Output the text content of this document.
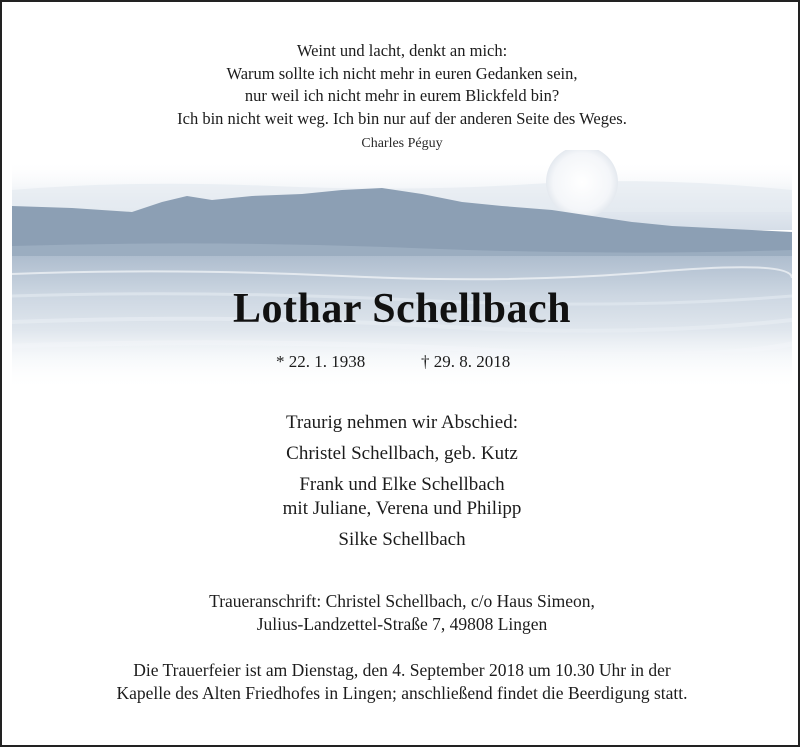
Weint und lacht, denkt an mich:
Warum sollte ich nicht mehr in euren Gedanken sein,
nur weil ich nicht mehr in eurem Blickfeld bin?
Ich bin nicht weit weg. Ich bin nur auf der anderen Seite des Weges.
Charles Péguy
Lothar Schellbach
* 22. 1. 1938	† 29. 8. 2018
Traurig nehmen wir Abschied:
Christel Schellbach, geb. Kutz
Frank und Elke Schellbach
mit Juliane, Verena und Philipp
Silke Schellbach
Traueranschrift: Christel Schellbach, c/o Haus Simeon,
Julius-Landzettel-Straße 7, 49808 Lingen
Die Trauerfeier ist am Dienstag, den 4. September 2018 um 10.30 Uhr in der
Kapelle des Alten Friedhofes in Lingen; anschließend findet die Beerdigung statt.
